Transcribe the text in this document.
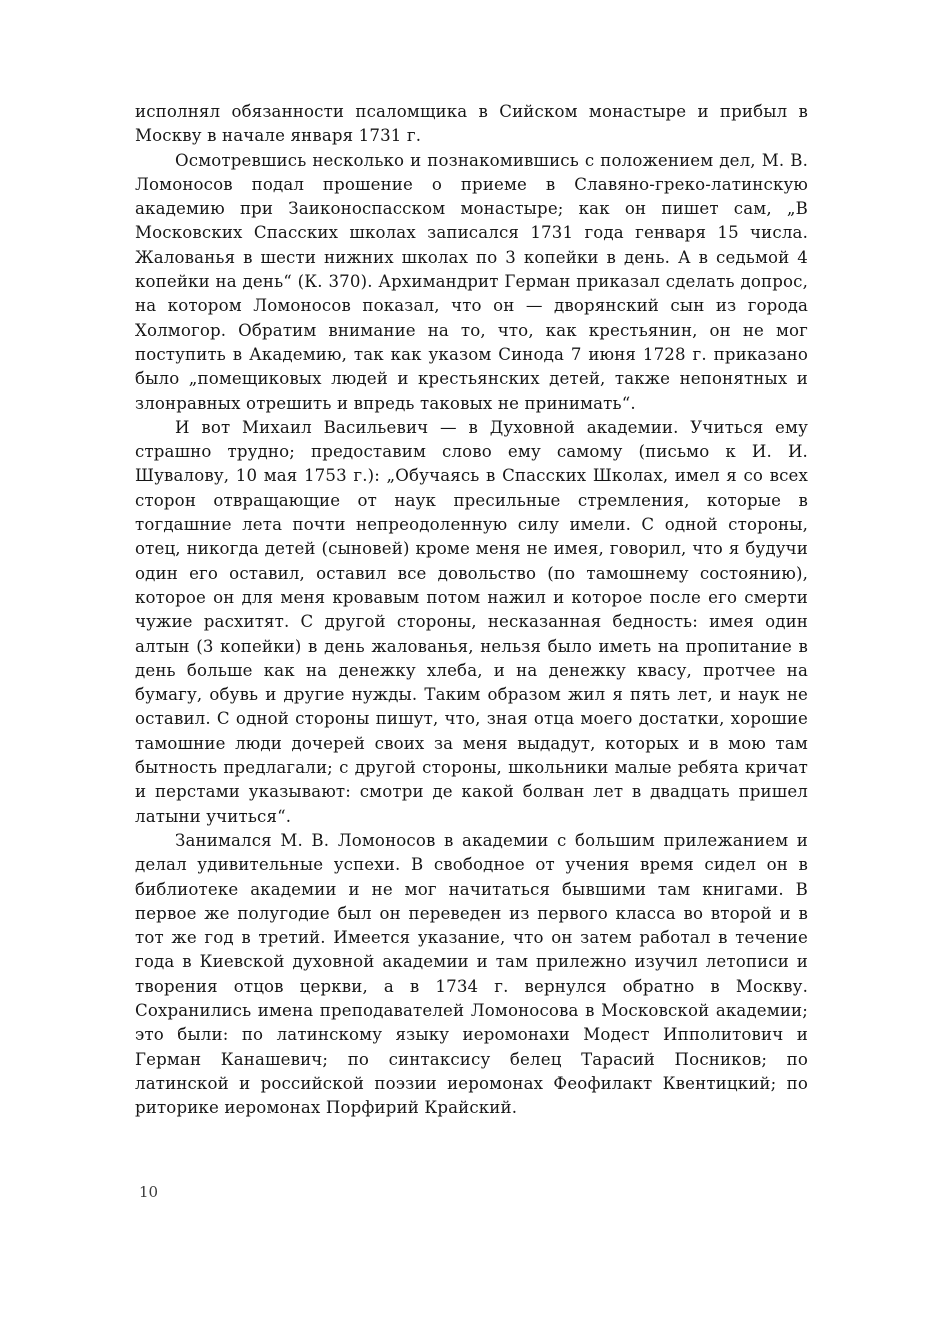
исполнял обязанности псаломщика в Сийском монастыре и прибыл в Москву в начале января 1731 г.

Осмотревшись несколько и познакомившись с положением дел, М. В. Ломоносов подал прошение о приеме в Славяно-греко-латинскую академию при Заиконоспасском монастыре; как он пишет сам, „В Московских Спасских школах записался 1731 года генваря 15 числа. Жалованья в шести нижних школах по 3 копейки в день. А в седьмой 4 копейки на день“ (К. 370). Архимандрит Герман приказал сделать допрос, на котором Ломоносов показал, что он — дворянский сын из города Холмогор. Обратим внимание на то, что, как крестьянин, он не мог поступить в Академию, так как указом Синода 7 июня 1728 г. приказано было „помещиковых людей и крестьянских детей, также непонятных и злонравных отрешить и впредь таковых не принимать“.

И вот Михаил Васильевич — в Духовной академии. Учиться ему страшно трудно; предоставим слово ему самому (письмо к И. И. Шувалову, 10 мая 1753 г.): „Обучаясь в Спасских Школах, имел я со всех сторон отвращающие от наук пресильные стремления, которые в тогдашние лета почти непреодоленную силу имели. С одной стороны, отец, никогда детей (сыновей) кроме меня не имея, говорил, что я будучи один его оставил, оставил все довольство (по тамошнему состоянию), которое он для меня кровавым потом нажил и которое после его смерти чужие расхитят. С другой стороны, несказанная бедность: имея один алтын (3 копейки) в день жалованья, нельзя было иметь на пропитание в день больше как на денежку хлеба, и на денежку квасу, протчее на бумагу, обувь и другие нужды. Таким образом жил я пять лет, и наук не оставил. С одной стороны пишут, что, зная отца моего достатки, хорошие тамошние люди дочерей своих за меня выдадут, которых и в мою там бытность предлагали; с другой стороны, школьники малые ребята кричат и перстами указывают: смотри де какой болван лет в двадцать пришел латыни учиться“.

Занимался М. В. Ломоносов в академии с большим прилежанием и делал удивительные успехи. В свободное от учения время сидел он в библиотеке академии и не мог начитаться бывшими там книгами. В первое же полугодие был он переведен из первого класса во второй и в тот же год в третий. Имеется указание, что он затем работал в течение года в Киевской духовной академии и там прилежно изучил летописи и творения отцов церкви, а в 1734 г. вернулся обратно в Москву. Сохранились имена преподавателей Ломоносова в Московской академии; это были: по латинскому языку иеромонахи Модест Ипполитович и Герман Канашевич; по синтаксису белец Тарасий Посников; по латинской и российской поэзии иеромонах Феофилакт Квентицкий; по риторике иеромонах Порфирий Крайский.

10
